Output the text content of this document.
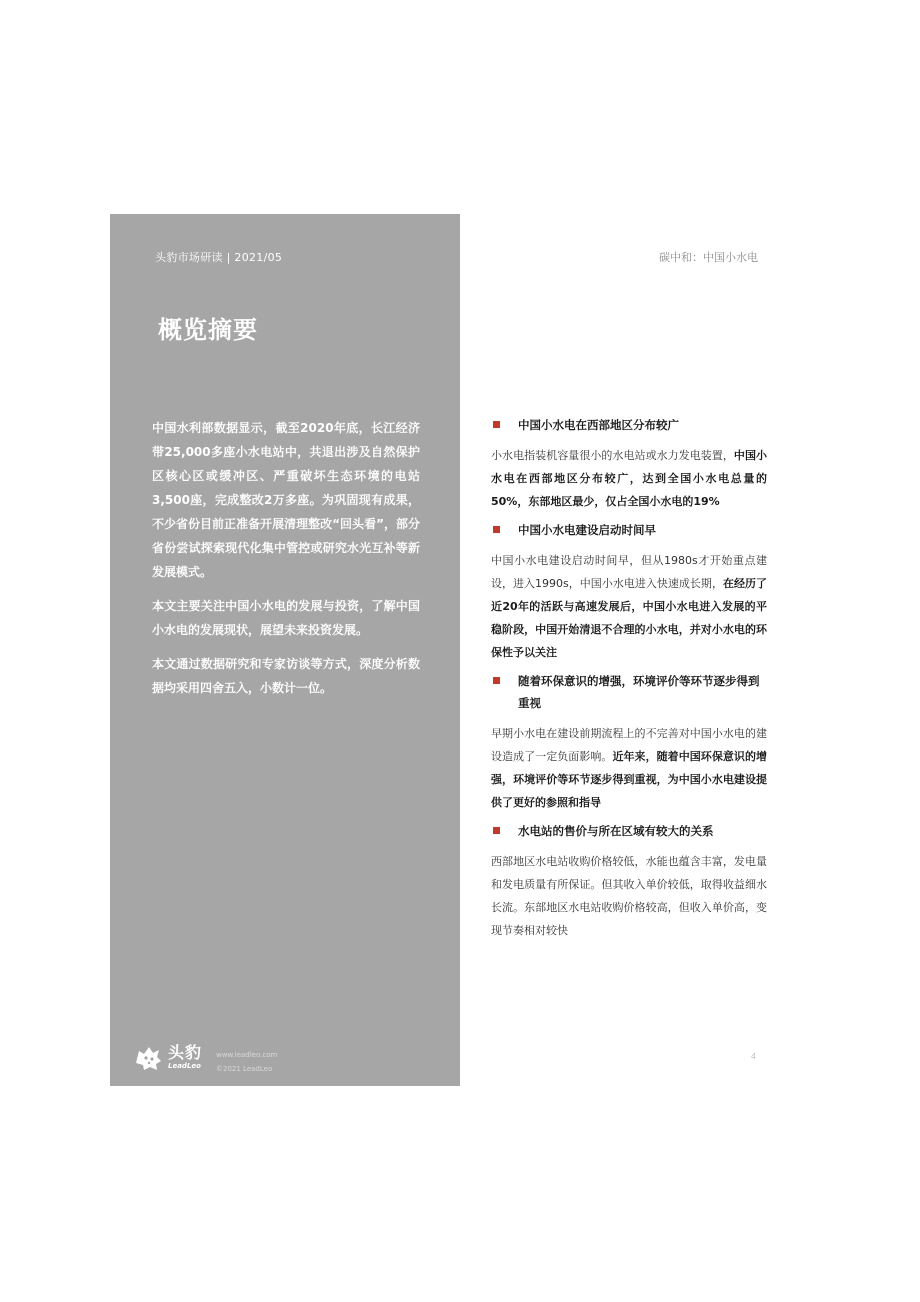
头豹市场研读 | 2021/05
概览摘要

中国水利部数据显示，截至2020年底，长江经济带25,000多座小水电站中，共退出涉及自然保护区核心区或缓冲区、严重破坏生态环境的电站3,500座，完成整改2万多座。为巩固现有成果，不少省份目前正准备开展清理整改“回头看”，部分省份尝试探索现代化集中管控或研究水光互补等新发展模式。

本文主要关注中国小水电的发展与投资，了解中国小水电的发展现状，展望未来投资发展。

本文通过数据研究和专家访谈等方式，深度分析数据均采用四舍五入，小数计一位。

头豹
LeadLeo
www.leadleo.com
©2021 LeadLeo
碳中和：中国小水电
中国小水电在西部地区分布较广

小水电指装机容量很小的水电站或水力发电装置，中国小水电在西部地区分布较广，达到全国小水电总量的50%，东部地区最少，仅占全国小水电的19%

中国小水电建设启动时间早

中国小水电建设启动时间早，但从1980s才开始重点建设，进入1990s，中国小水电进入快速成长期，在经历了近20年的活跃与高速发展后，中国小水电进入发展的平稳阶段，中国开始清退不合理的小水电，并对小水电的环保性予以关注

随着环保意识的增强，环境评价等环节逐步得到重视

早期小水电在建设前期流程上的不完善对中国小水电的建设造成了一定负面影响。近年来，随着中国环保意识的增强，环境评价等环节逐步得到重视，为中国小水电建设提供了更好的参照和指导

水电站的售价与所在区域有较大的关系

西部地区水电站收购价格较低，水能也蕴含丰富，发电量和发电质量有所保证。但其收入单价较低，取得收益细水长流。东部地区水电站收购价格较高，但收入单价高，变现节奏相对较快

4
